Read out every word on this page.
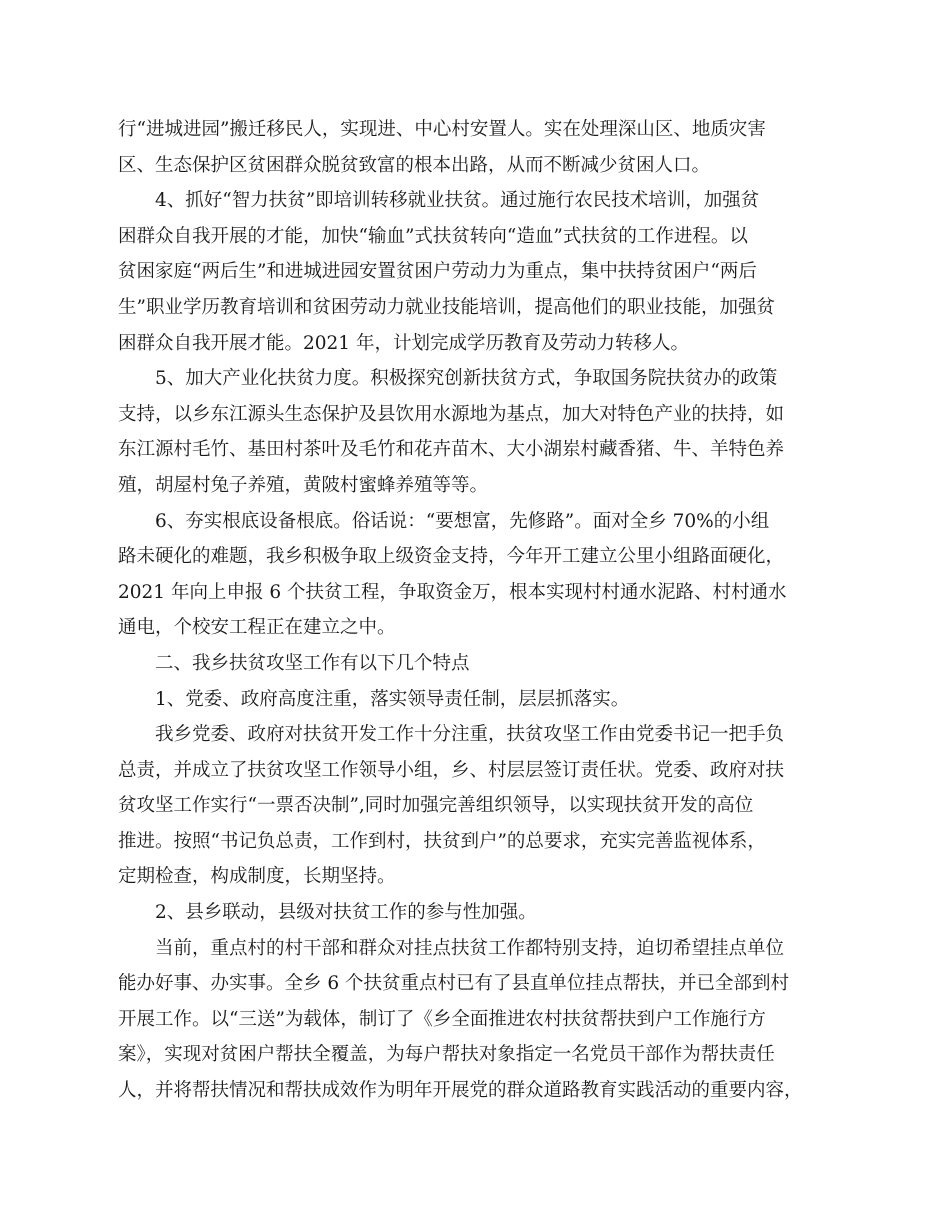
行“进城进园”搬迁移民人，实现进、中心村安置人。实在处理深山区、地质灾害
区、生态保护区贫困群众脱贫致富的根本出路，从而不断减少贫困人口。
4、抓好“智力扶贫”即培训转移就业扶贫。通过施行农民技术培训，加强贫
困群众自我开展的才能，加快“输血”式扶贫转向“造血”式扶贫的工作进程。以
贫困家庭“两后生”和进城进园安置贫困户劳动力为重点，集中扶持贫困户“两后
生”职业学历教育培训和贫困劳动力就业技能培训，提高他们的职业技能，加强贫
困群众自我开展才能。2021 年，计划完成学历教育及劳动力转移人。
5、加大产业化扶贫力度。积极探究创新扶贫方式，争取国务院扶贫办的政策
支持，以乡东江源头生态保护及县饮用水源地为基点，加大对特色产业的扶持，如
东江源村毛竹、基田村茶叶及毛竹和花卉苗木、大小湖岽村藏香猪、牛、羊特色养
殖，胡屋村兔子养殖，黄陂村蜜蜂养殖等等。
6、夯实根底设备根底。俗话说：“要想富，先修路”。面对全乡 70%的小组
路未硬化的难题，我乡积极争取上级资金支持，今年开工建立公里小组路面硬化，
2021 年向上申报 6 个扶贫工程，争取资金万，根本实现村村通水泥路、村村通水
通电，个校安工程正在建立之中。
二、我乡扶贫攻坚工作有以下几个特点
1、党委、政府高度注重，落实领导责任制，层层抓落实。
我乡党委、政府对扶贫开发工作十分注重，扶贫攻坚工作由党委书记一把手负
总责，并成立了扶贫攻坚工作领导小组，乡、村层层签订责任状。党委、政府对扶
贫攻坚工作实行“一票否决制”,同时加强完善组织领导，以实现扶贫开发的高位
推进。按照“书记负总责，工作到村，扶贫到户”的总要求，充实完善监视体系，
定期检查，构成制度，长期坚持。
2、县乡联动，县级对扶贫工作的参与性加强。
当前，重点村的村干部和群众对挂点扶贫工作都特别支持，迫切希望挂点单位
能办好事、办实事。全乡 6 个扶贫重点村已有了县直单位挂点帮扶，并已全部到村
开展工作。以“三送”为载体，制订了《乡全面推进农村扶贫帮扶到户工作施行方
案》，实现对贫困户帮扶全覆盖，为每户帮扶对象指定一名党员干部作为帮扶责任
人，并将帮扶情况和帮扶成效作为明年开展党的群众道路教育实践活动的重要内容，
